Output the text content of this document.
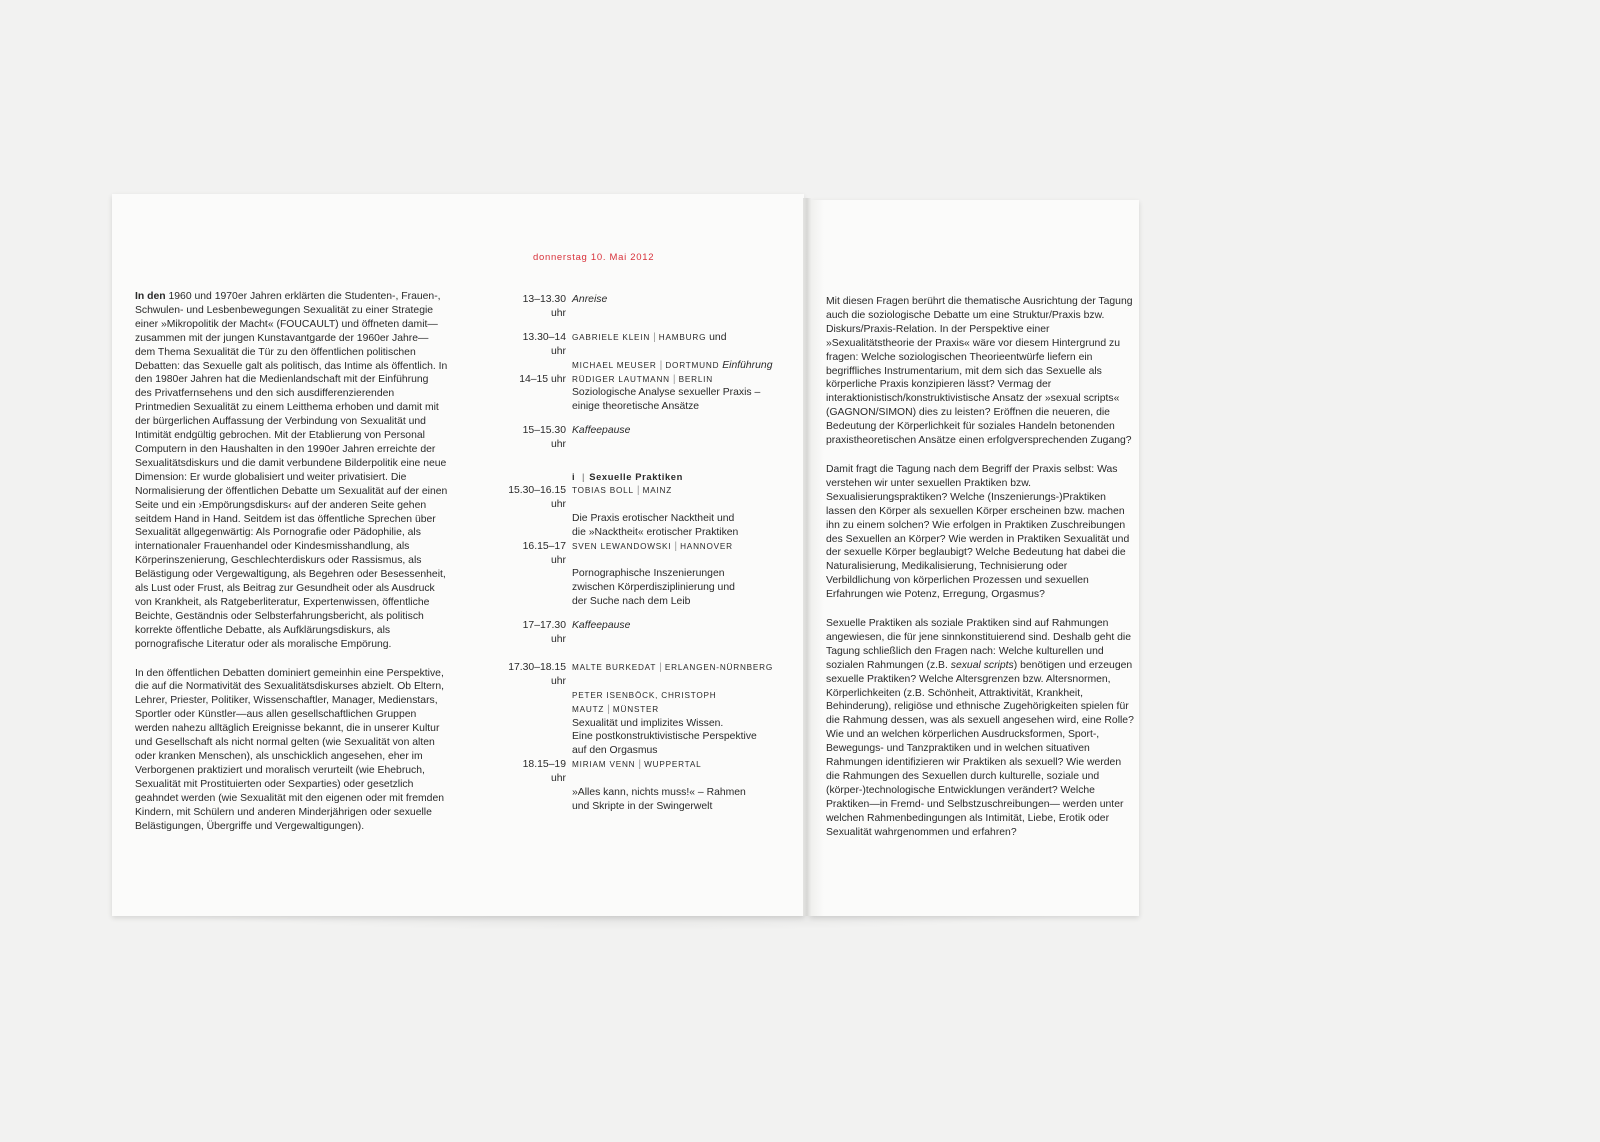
donnerstag 10. Mai 2012

In den 1960 und 1970er Jahren erklärten die Studenten-, Frauen-, Schwulen- und Lesbenbewegungen Sexualität zu einer Strategie einer »Mikropolitik der Macht« (FOUCAULT) und öffneten damit—zusammen mit der jungen Kunstavantgarde der 1960er Jahre—dem Thema Sexualität die Tür zu den öffentlichen politischen Debatten: das Sexuelle galt als politisch, das Intime als öffentlich. In den 1980er Jahren hat die Medienlandschaft mit der Einführung des Privatfernsehens und den sich ausdifferenzierenden Printmedien Sexualität zu einem Leitthema erhoben und damit mit der bürgerlichen Auffassung der Verbindung von Sexualität und Intimität endgültig gebrochen. Mit der Etablierung von Personal Computern in den Haushalten in den 1990er Jahren erreichte der Sexualitätsdiskurs und die damit verbundene Bilderpolitik eine neue Dimension: Er wurde globalisiert und weiter privatisiert. Die Normalisierung der öffentlichen Debatte um Sexualität auf der einen Seite und ein ›Empörungsdiskurs‹ auf der anderen Seite gehen seitdem Hand in Hand. Seitdem ist das öffentliche Sprechen über Sexualität allgegenwärtig: Als Pornografie oder Pädophilie, als internationaler Frauenhandel oder Kindesmisshandlung, als Körperinszenierung, Geschlechterdiskurs oder Rassismus, als Belästigung oder Vergewaltigung, als Begehren oder Besessenheit, als Lust oder Frust, als Beitrag zur Gesundheit oder als Ausdruck von Krankheit, als Ratgeberliteratur, Expertenwissen, öffentliche Beichte, Geständnis oder Selbsterfahrungsbericht, als politisch korrekte öffentliche Debatte, als Aufklärungsdiskurs, als pornografische Literatur oder als moralische Empörung.

In den öffentlichen Debatten dominiert gemeinhin eine Perspektive, die auf die Normativität des Sexualitätsdiskurses abzielt. Ob Eltern, Lehrer, Priester, Politiker, Wissenschaftler, Manager, Medienstars, Sportler oder Künstler—aus allen gesellschaftlichen Gruppen werden nahezu alltäglich Ereignisse bekannt, die in unserer Kultur und Gesellschaft als nicht normal gelten (wie Sexualität von alten oder kranken Menschen), als unschicklich angesehen, eher im Verborgenen praktiziert und moralisch verurteilt (wie Ehebruch, Sexualität mit Prostituierten oder Sexparties) oder gesetzlich geahndet werden (wie Sexualität mit den eigenen oder mit fremden Kindern, mit Schülern und anderen Minderjährigen oder sexuelle Belästigungen, Übergriffe und Vergewaltigungen).

13–13.30 uhr
Anreise
13.30–14 uhr
GABRIELE KLEIN | HAMBURG und
MICHAEL MEUSER | DORTMUND Einführung
14–15 uhr RÜDIGER LAUTMANN | BERLIN
Soziologische Analyse sexueller Praxis –
einige theoretische Ansätze
15–15.30 uhr
Kaffeepause
i | Sexuelle Praktiken
15.30–16.15 uhr
TOBIAS BOLL | MAINZ
Die Praxis erotischer Nacktheit und
die »Nacktheit« erotischer Praktiken
16.15–17 uhr
SVEN LEWANDOWSKI | HANNOVER
Pornographische Inszenierungen
zwischen Körperdisziplinierung und
der Suche nach dem Leib
17–17.30 uhr
Kaffeepause
17.30–18.15 uhr
MALTE BURKEDAT | ERLANGEN-NÜRNBERG
PETER ISENBÖCK, CHRISTOPH MAUTZ | MÜNSTER
Sexualität und implizites Wissen.
Eine postkonstruktivistische Perspektive
auf den Orgasmus
18.15–19 uhr
MIRIAM VENN | WUPPERTAL
»Alles kann, nichts muss!« – Rahmen
und Skripte in der Swingerwelt

Mit diesen Fragen berührt die thematische Ausrichtung der Tagung auch die soziologische Debatte um eine Struktur/Praxis bzw. Diskurs/Praxis-Relation. In der Perspektive einer »Sexualitätstheorie der Praxis« wäre vor diesem Hintergrund zu fragen: Welche soziologischen Theorieentwürfe liefern ein begriffliches Instrumentarium, mit dem sich das Sexuelle als körperliche Praxis konzipieren lässt? Vermag der interaktionistisch/konstruktivistische Ansatz der »sexual scripts« (GAGNON/SIMON) dies zu leisten? Eröffnen die neueren, die Bedeutung der Körperlichkeit für soziales Handeln betonenden praxistheoretischen Ansätze einen erfolgversprechenden Zugang?

Damit fragt die Tagung nach dem Begriff der Praxis selbst: Was verstehen wir unter sexuellen Praktiken bzw. Sexualisierungspraktiken? Welche (Inszenierungs-)Praktiken lassen den Körper als sexuellen Körper erscheinen bzw. machen ihn zu einem solchen? Wie erfolgen in Praktiken Zuschreibungen des Sexuellen an Körper? Wie werden in Praktiken Sexualität und der sexuelle Körper beglaubigt? Welche Bedeutung hat dabei die Naturalisierung, Medikalisierung, Technisierung oder Verbildlichung von körperlichen Prozessen und sexuellen Erfahrungen wie Potenz, Erregung, Orgasmus?

Sexuelle Praktiken als soziale Praktiken sind auf Rahmungen angewiesen, die für jene sinnkonstituierend sind. Deshalb geht die Tagung schließlich den Fragen nach: Welche kulturellen und sozialen Rahmungen (z.B. sexual scripts) benötigen und erzeugen sexuelle Praktiken? Welche Altersgrenzen bzw. Altersnormen, Körperlichkeiten (z.B. Schönheit, Attraktivität, Krankheit, Behinderung), religiöse und ethnische Zugehörigkeiten spielen für die Rahmung dessen, was als sexuell angesehen wird, eine Rolle? Wie und an welchen körperlichen Ausdrucksformen, Sport-, Bewegungs- und Tanzpraktiken und in welchen situativen Rahmungen identifizieren wir Praktiken als sexuell? Wie werden die Rahmungen des Sexuellen durch kulturelle, soziale und (körper-)technologische Entwicklungen verändert? Welche Praktiken—in Fremd- und Selbstzuschreibungen— werden unter welchen Rahmenbedingungen als Intimität, Liebe, Erotik oder Sexualität wahrgenommen und erfahren?
